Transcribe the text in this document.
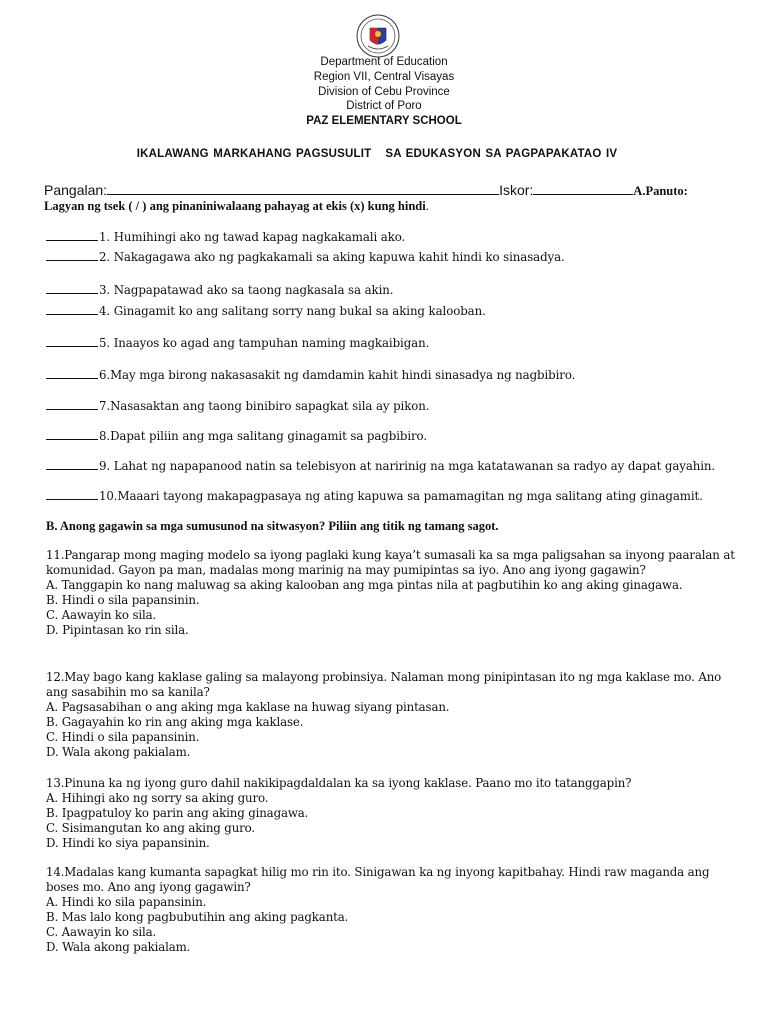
Department of Education
Region VII, Central Visayas
Division of Cebu Province
District of Poro
PAZ ELEMENTARY SCHOOL
IKALAWANG MARKAHANG PAGSUSULIT SA EDUKASYON SA PAGPAPAKATAO IV
Pangalan:	Iskor:	A.Panuto:
Lagyan ng tsek ( / ) ang pinaniniwalaang pahayag at ekis (x) kung hindi.
1. Humihingi ako ng tawad kapag nagkakamali ako.
2. Nakagagawa ako ng pagkakamali sa aking kapuwa kahit hindi ko sinasadya.
3. Nagpapatawad ako sa taong nagkasala sa akin.
4. Ginagamit ko ang salitang sorry nang bukal sa aking kalooban.
5. Inaayos ko agad ang tampuhan naming magkaibigan.
6.May mga birong nakasasakit ng damdamin kahit hindi sinasadya ng nagbibiro.
7.Nasasaktan ang taong binibiro sapagkat sila ay pikon.
8.Dapat piliin ang mga salitang ginagamit sa pagbibiro.
9. Lahat ng napapanood natin sa telebisyon at naririnig na mga katatawanan sa radyo ay dapat gayahin.
10.Maaari tayong makapagpasaya ng ating kapuwa sa pamamagitan ng mga salitang ating ginagamit.
B. Anong gagawin sa mga sumusunod na sitwasyon? Piliin ang titik ng tamang sagot.

11.Pangarap mong maging modelo sa iyong paglaki kung kaya’t sumasali ka sa mga paligsahan sa inyong paaralan at komunidad. Gayon pa man, madalas mong marinig na may pumipintas sa iyo. Ano ang iyong gagawin?

A. Tanggapin ko nang maluwag sa aking kalooban ang mga pintas nila at pagbutihin ko ang aking ginagawa.

B. Hindi o sila papansinin.

C. Aawayin ko sila.

D. Pipintasan ko rin sila.

12.May bago kang kaklase galing sa malayong probinsiya. Nalaman mong pinipintasan ito ng mga kaklase mo. Ano ang sasabihin mo sa kanila?

A. Pagsasabihan o ang aking mga kaklase na huwag siyang pintasan.

B. Gagayahin ko rin ang aking mga kaklase.

C. Hindi o sila papansinin.

D. Wala akong pakialam.

13.Pinuna ka ng iyong guro dahil nakikipagdaldalan ka sa iyong kaklase. Paano mo ito tatanggapin?

A. Hihingi ako ng sorry sa aking guro.

B. Ipagpatuloy ko parin ang aking ginagawa.

C. Sisimangutan ko ang aking guro.

D. Hindi ko siya papansinin.

14.Madalas kang kumanta sapagkat hilig mo rin ito. Sinigawan ka ng inyong kapitbahay. Hindi raw maganda ang boses mo. Ano ang iyong gagawin?

A. Hindi ko sila papansinin.

B. Mas lalo kong pagbubutihin ang aking pagkanta.

C. Aawayin ko sila.

D. Wala akong pakialam.
